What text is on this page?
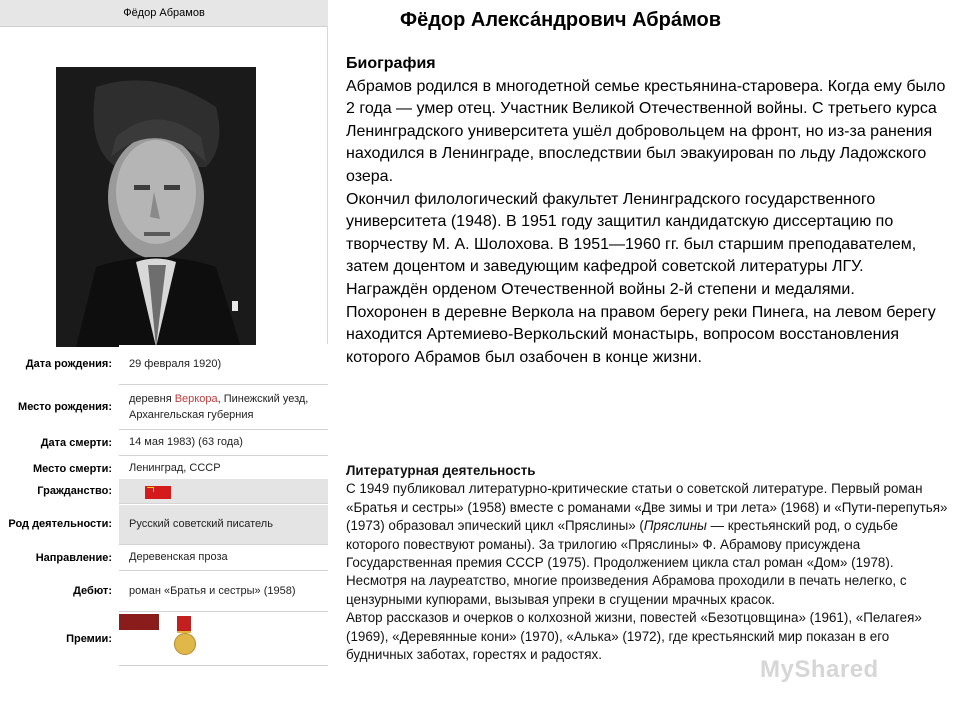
Фёдор Абрамов
Дата рождения:	29 февраля 1920)
Место рождения:
деревня Веркора, Пинежский уезд, Архангельская губерния
Дата смерти:	14 мая 1983) (63 года)
Место смерти:	Ленинград, СССР
Гражданство:
Род деятельности:	Русский советский писатель
Направление:	Деревенская проза
Дебют:	роман «Братья и сестры» (1958)
Премии:
Фёдор Алекса́ндрович Абра́мов

Биография

Абрамов родился в многодетной семье крестьянина-старовера. Когда ему было 2 года — умер отец. Участник Великой Отечественной войны. С третьего курса Ленинградского университета ушёл добровольцем на фронт, но из-за ранения находился в Ленинграде, впоследствии был эвакуирован по льду Ладожского озера.

Окончил филологический факультет Ленинградского государственного университета (1948). В 1951 году защитил кандидатскую диссертацию по творчеству М. А. Шолохова. В 1951—1960 гг. был старшим преподавателем, затем доцентом и заведующим кафедрой советской литературы ЛГУ.

Награждён орденом Отечественной войны 2-й степени и медалями.

Похоронен в деревне Веркола на правом берегу реки Пинега, на левом берегу находится Артемиево-Веркольский монастырь, вопросом восстановления которого Абрамов был озабочен в конце жизни.

Литературная деятельность

С 1949 публиковал литературно-критические статьи о советской литературе. Первый роман «Братья и сестры» (1958) вместе с романами «Две зимы и три лета» (1968) и «Пути-перепутья» (1973) образовал эпический цикл «Пряслины» (Пряслины — крестьянский род, о судьбе которого повествуют романы). За трилогию «Пряслины» Ф. Абрамову присуждена Государственная премия СССР (1975). Продолжением цикла стал роман «Дом» (1978). Несмотря на лауреатство, многие произведения Абрамова проходили в печать нелегко, с цензурными купюрами, вызывая упреки в сгущении мрачных красок.

Автор рассказов и очерков о колхозной жизни, повестей «Безотцовщина» (1961), «Пелагея» (1969), «Деревянные кони» (1970), «Алька» (1972), где крестьянский мир показан в его будничных заботах, горестях и радостях.

MyShared
